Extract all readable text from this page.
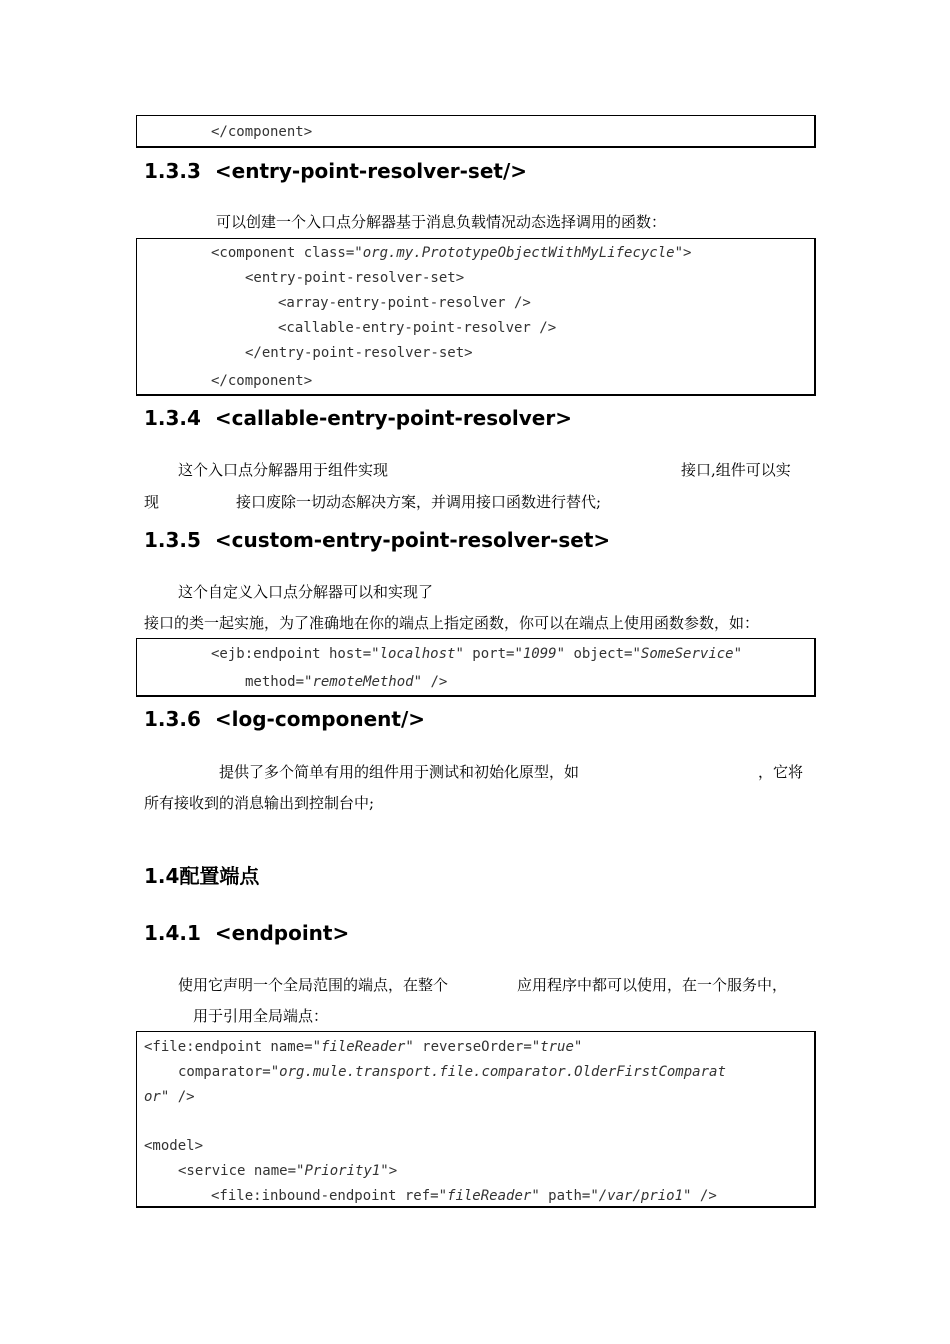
</component>
1.3.3 <entry-point-resolver-set/>
可以创建一个入口点分解器基于消息负载情况动态选择调用的函数：
<component class="org.my.PrototypeObjectWithMyLifecycle">
<entry-point-resolver-set>
<array-entry-point-resolver />
<callable-entry-point-resolver />
</entry-point-resolver-set>
</component>
1.3.4 <callable-entry-point-resolver>
这个入口点分解器用于组件实现	接口,组件可以实
现	接口废除一切动态解决方案，并调用接口函数进行替代;
1.3.5 <custom-entry-point-resolver-set>
这个自定义入口点分解器可以和实现了
接口的类一起实施，为了准确地在你的端点上指定函数，你可以在端点上使用函数参数，如：
<ejb:endpoint host="localhost" port="1099" object="SomeService"
method="remoteMethod" />
1.3.6 <log-component/>
提供了多个简单有用的组件用于测试和初始化原型，如	，它将
所有接收到的消息输出到控制台中;
1.4配置端点
1.4.1 <endpoint>
使用它声明一个全局范围的端点，在整个	应用程序中都可以使用，在一个服务中，
用于引用全局端点：
<file:endpoint name="fileReader" reverseOrder="true"
comparator="org.mule.transport.file.comparator.OlderFirstComparat
or" />
<model>
<service name="Priority1">
<file:inbound-endpoint ref="fileReader" path="/var/prio1" />
